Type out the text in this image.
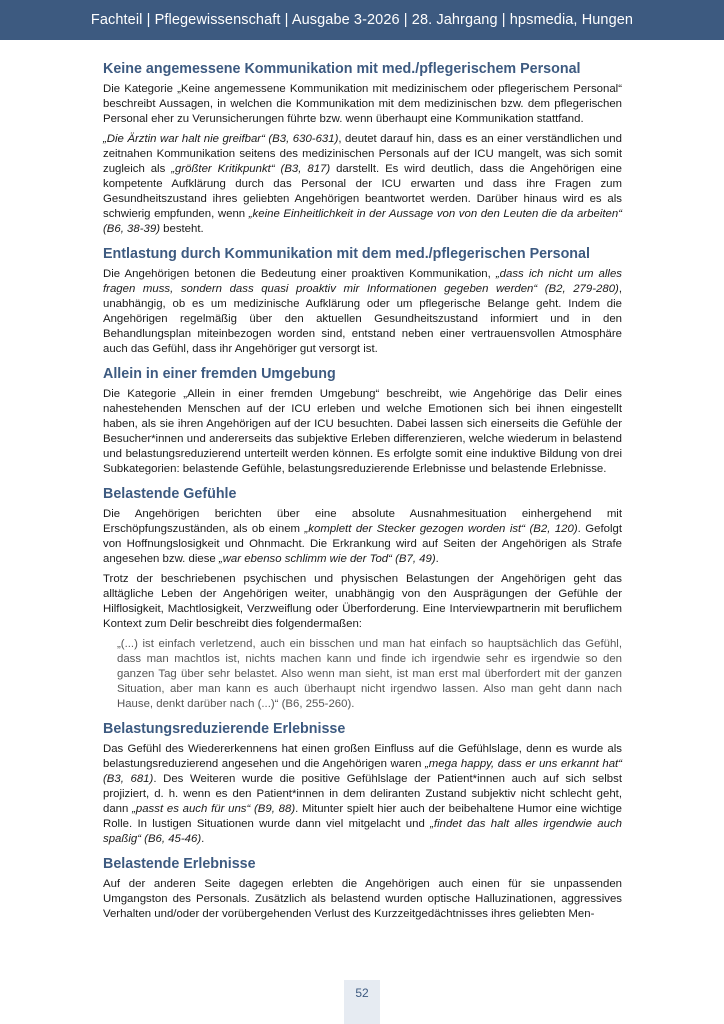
Fachteil | Pflegewissenschaft | Ausgabe 3-2026 | 28. Jahrgang | hpsmedia, Hungen
Keine angemessene Kommunikation mit med./pflegerischem Personal

Die Kategorie „Keine angemessene Kommunikation mit medizinischem oder pflegerischem Personal“ beschreibt Aussagen, in welchen die Kommunikation mit dem medizinischen bzw. dem pflegerischen Personal eher zu Verunsicherungen führte bzw. wenn überhaupt eine Kommunikation stattfand.

„Die Ärztin war halt nie greifbar“ (B3, 630-631), deutet darauf hin, dass es an einer verständlichen und zeitnahen Kommunikation seitens des medizinischen Personals auf der ICU mangelt, was sich somit zugleich als „größter Kritikpunkt“ (B3, 817) darstellt. Es wird deutlich, dass die Angehörigen eine kompetente Aufklärung durch das Personal der ICU erwarten und dass ihre Fragen zum Gesundheitszustand ihres geliebten Angehörigen beantwortet werden. Darüber hinaus wird es als schwierig empfunden, wenn „keine Einheitlichkeit in der Aussage von von den Leuten die da arbeiten“ (B6, 38-39) besteht.

Entlastung durch Kommunikation mit dem med./pflegerischen Personal

Die Angehörigen betonen die Bedeutung einer proaktiven Kommunikation, „dass ich nicht um alles fragen muss, sondern dass quasi proaktiv mir Informationen gegeben werden“ (B2, 279-280), unabhängig, ob es um medizinische Aufklärung oder um pflegerische Belange geht. Indem die Angehörigen regelmäßig über den aktuellen Gesundheitszustand informiert und in den Behandlungsplan miteinbezogen worden sind, entstand neben einer vertrauensvollen Atmosphäre auch das Gefühl, dass ihr Angehöriger gut versorgt ist.

Allein in einer fremden Umgebung

Die Kategorie „Allein in einer fremden Umgebung“ beschreibt, wie Angehörige das Delir eines nahestehenden Menschen auf der ICU erleben und welche Emotionen sich bei ihnen eingestellt haben, als sie ihren Angehörigen auf der ICU besuchten. Dabei lassen sich einerseits die Gefühle der Besucher*innen und andererseits das subjektive Erleben differenzieren, welche wiederum in belastend und belastungsreduzierend unterteilt werden können. Es erfolgte somit eine induktive Bildung von drei Subkategorien: belastende Gefühle, belastungsreduzierende Erlebnisse und belastende Erlebnisse.

Belastende Gefühle

Die Angehörigen berichten über eine absolute Ausnahmesituation einhergehend mit Erschöpfungszuständen, als ob einem „komplett der Stecker gezogen worden ist“ (B2, 120). Gefolgt von Hoffnungslosigkeit und Ohnmacht. Die Erkrankung wird auf Seiten der Angehörigen als Strafe angesehen bzw. diese „war ebenso schlimm wie der Tod“ (B7, 49).

Trotz der beschriebenen psychischen und physischen Belastungen der Angehörigen geht das alltägliche Leben der Angehörigen weiter, unabhängig von den Ausprägungen der Gefühle der Hilflosigkeit, Machtlosigkeit, Verzweiflung oder Überforderung. Eine Interviewpartnerin mit beruflichem Kontext zum Delir beschreibt dies folgendermaßen:

„(...) ist einfach verletzend, auch ein bisschen und man hat einfach so hauptsächlich das Gefühl, dass man machtlos ist, nichts machen kann und finde ich irgendwie sehr es irgendwie so den ganzen Tag über sehr belastet. Also wenn man sieht, ist man erst mal überfordert mit der ganzen Situation, aber man kann es auch überhaupt nicht irgendwo lassen. Also man geht dann nach Hause, denkt darüber nach (...)“ (B6, 255-260).
Belastungsreduzierende Erlebnisse

Das Gefühl des Wiedererkennens hat einen großen Einfluss auf die Gefühlslage, denn es wurde als belastungsreduzierend angesehen und die Angehörigen waren „mega happy, dass er uns erkannt hat“ (B3, 681). Des Weiteren wurde die positive Gefühlslage der Patient*innen auch auf sich selbst projiziert, d. h. wenn es den Patient*innen in dem deliranten Zustand subjektiv nicht schlecht geht, dann „passt es auch für uns“ (B9, 88). Mitunter spielt hier auch der beibehaltene Humor eine wichtige Rolle. In lustigen Situationen wurde dann viel mitgelacht und „findet das halt alles irgendwie auch spaßig“ (B6, 45-46).

Belastende Erlebnisse

Auf der anderen Seite dagegen erlebten die Angehörigen auch einen für sie unpassenden Umgangston des Personals. Zusätzlich als belastend wurden optische Halluzinationen, aggressives Verhalten und/oder der vorübergehenden Verlust des Kurzzeitgedächtnisses ihres geliebten Men-

52
